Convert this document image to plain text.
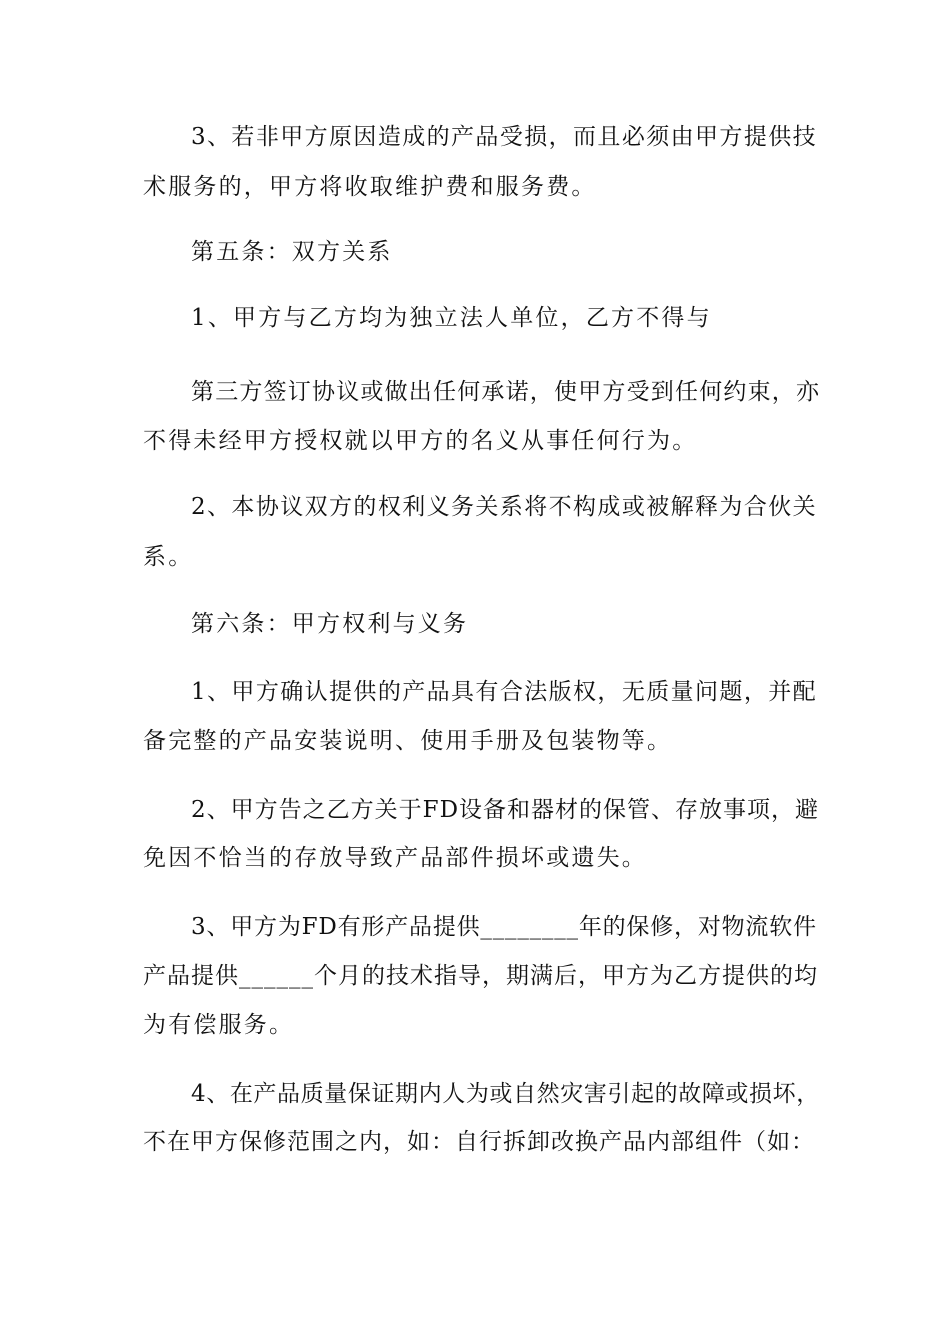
3、若非甲方原因造成的产品受损，而且必须由甲方提供技
术服务的，甲方将收取维护费和服务费。
第五条：双方关系
1、甲方与乙方均为独立法人单位，乙方不得与
第三方签订协议或做出任何承诺，使甲方受到任何约束，亦
不得未经甲方授权就以甲方的名义从事任何行为。
2、本协议双方的权利义务关系将不构成或被解释为合伙关
系。
第六条：甲方权利与义务
1、甲方确认提供的产品具有合法版权，无质量问题，并配
备完整的产品安装说明、使用手册及包装物等。
2、甲方告之乙方关于FD设备和器材的保管、存放事项，避
免因不恰当的存放导致产品部件损坏或遗失。
3、甲方为FD有形产品提供________年的保修，对物流软件
产品提供______个月的技术指导，期满后，甲方为乙方提供的均
为有偿服务。
4、在产品质量保证期内人为或自然灾害引起的故障或损坏，
不在甲方保修范围之内，如：自行拆卸改换产品内部组件（如：
